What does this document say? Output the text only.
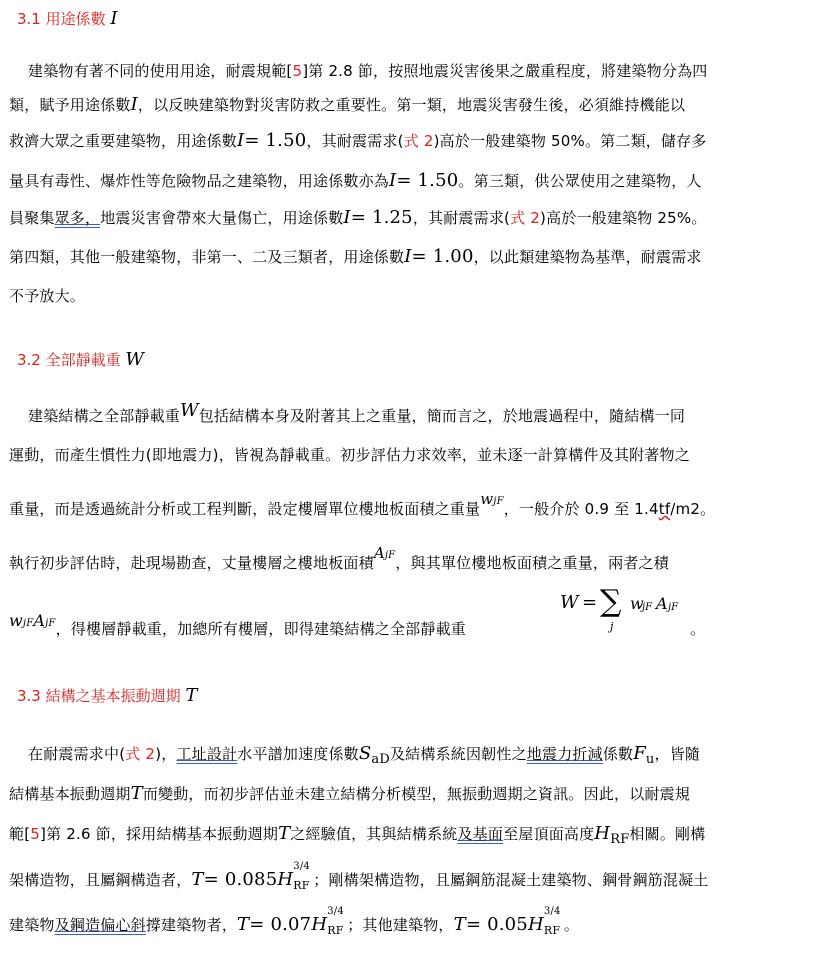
3.1 用途係數 I
建築物有著不同的使用用途，耐震規範[5]第 2.8 節，按照地震災害後果之嚴重程度，將建築物分為四
類，賦予用途係數I，以反映建築物對災害防救之重要性。第一類，地震災害發生後，必須維持機能以
救濟大眾之重要建築物，用途係數I= 1.50，其耐震需求(式 2)高於一般建築物 50%。第二類，儲存多
量具有毒性、爆炸性等危險物品之建築物，用途係數亦為I= 1.50。第三類，供公眾使用之建築物，人
員聚集眾多，地震災害會帶來大量傷亡，用途係數I= 1.25，其耐震需求(式 2)高於一般建築物 25%。
第四類，其他一般建築物，非第一、二及三類者，用途係數I= 1.00，以此類建築物為基準，耐震需求
不予放大。
3.2 全部靜載重 W
建築結構之全部靜載重W包括結構本身及附著其上之重量，簡而言之，於地震過程中，隨結構一同
運動，而產生慣性力(即地震力)，皆視為靜載重。初步評估力求效率，並未逐一計算構件及其附著物之
重量，而是透過統計分析或工程判斷，設定樓層單位樓地板面積之重量wjF，一般介於 0.9 至 1.4tf/m2。
執行初步評估時，赴現場勘查，丈量樓層之樓地板面積AjF，與其單位樓地板面積之重量，兩者之積
wjFAjF，得樓層靜載重，加總所有樓層，即得建築結構之全部靜載重
W = ∑
j
w
jF A jF
。
3.3 結構之基本振動週期 T
在耐震需求中(式 2)，工址設計水平譜加速度係數SaD及結構系統因韌性之地震力折減係數Fu，皆隨
結構基本振動週期T而變動，而初步評估並未建立結構分析模型，無振動週期之資訊。因此，以耐震規
範[5]第 2.6 節，採用結構基本振動週期T之經驗值，其與結構系統及基面至屋頂面高度HRF相關。剛構
架構造物，且屬鋼構造者，T= 0.085H
3/4
RF ；剛構架構造物，且屬鋼筋混凝土建築物、鋼骨鋼筋混凝土
建築物及鋼造偏心斜撐建築物者，T= 0.07H
3/4
RF ；其他建築物，T= 0.05H
3/4
RF 。
